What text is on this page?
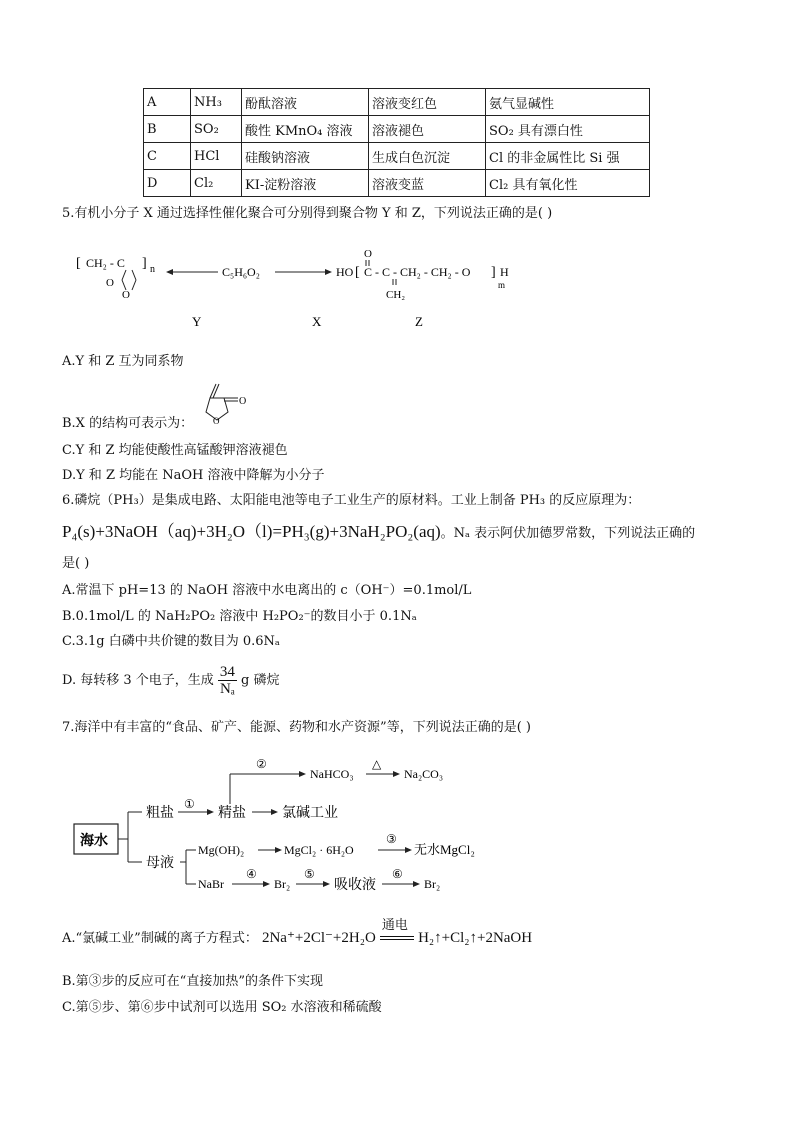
A	NH₃	酚酞溶液	溶液变红色	氨气显碱性
B	SO₂	酸性 KMnO₄ 溶液	溶液褪色	SO₂ 具有漂白性
C	HCl	硅酸钠溶液	生成白色沉淀	Cl 的非金属性比 Si 强
D	Cl₂	KI-淀粉溶液	溶液变蓝	Cl₂ 具有氧化性
5.有机小分子 X 通过选择性催化聚合可分别得到聚合物 Y 和 Z，下列说法正确的是( )
[ CH₂ - C ] n
O
O
Y
C₅H₆O₂
X
HO [ C - C - CH₂ - CH₂ - O ] H
m
O
CH₂
Z
A.Y 和 Z 互为同系物
B.X 的结构可表示为：
O
O
C.Y 和 Z 均能使酸性高锰酸钾溶液褪色
D.Y 和 Z 均能在 NaOH 溶液中降解为小分子
6.磷烷（PH₃）是集成电路、太阳能电池等电子工业生产的原材料。工业上制备 PH₃ 的反应原理为：
P₄(s)+3NaOH（aq)+3H₂O（l)=PH₃(g)+3NaH₂PO₂(aq)。Nₐ 表示阿伏加德罗常数，下列说法正确的
是( )
A.常温下 pH=13 的 NaOH 溶液中水电离出的 c（OH⁻）=0.1mol/L
B.0.1mol/L 的 NaH₂PO₂ 溶液中 H₂PO₂⁻的数目小于 0.1Nₐ
C.3.1g 白磷中共价键的数目为 0.6Nₐ
D. 每转移 3 个电子，生成 $\frac{34}{\text{Nₐ}}$ g 磷烷
7.海洋中有丰富的“食品、矿产、能源、药物和水产资源”等，下列说法正确的是( )
海水
粗盐
①
精盐	氯碱工业
②
NaHCO₃
△
Na₂CO₃
母液
Mg(OH)₂	MgCl₂ · 6H₂O
③
无水MgCl₂
NaBr
④
Br₂
⑤
吸收液
⑥
Br₂
A.“氯碱工业”制碱的离子方程式： 2Na⁺+2Cl⁻+2H₂O
通电
H₂↑+Cl₂↑+2NaOH
B.第③步的反应可在“直接加热”的条件下实现
C.第⑤步、第⑥步中试剂可以选用 SO₂ 水溶液和稀硫酸
